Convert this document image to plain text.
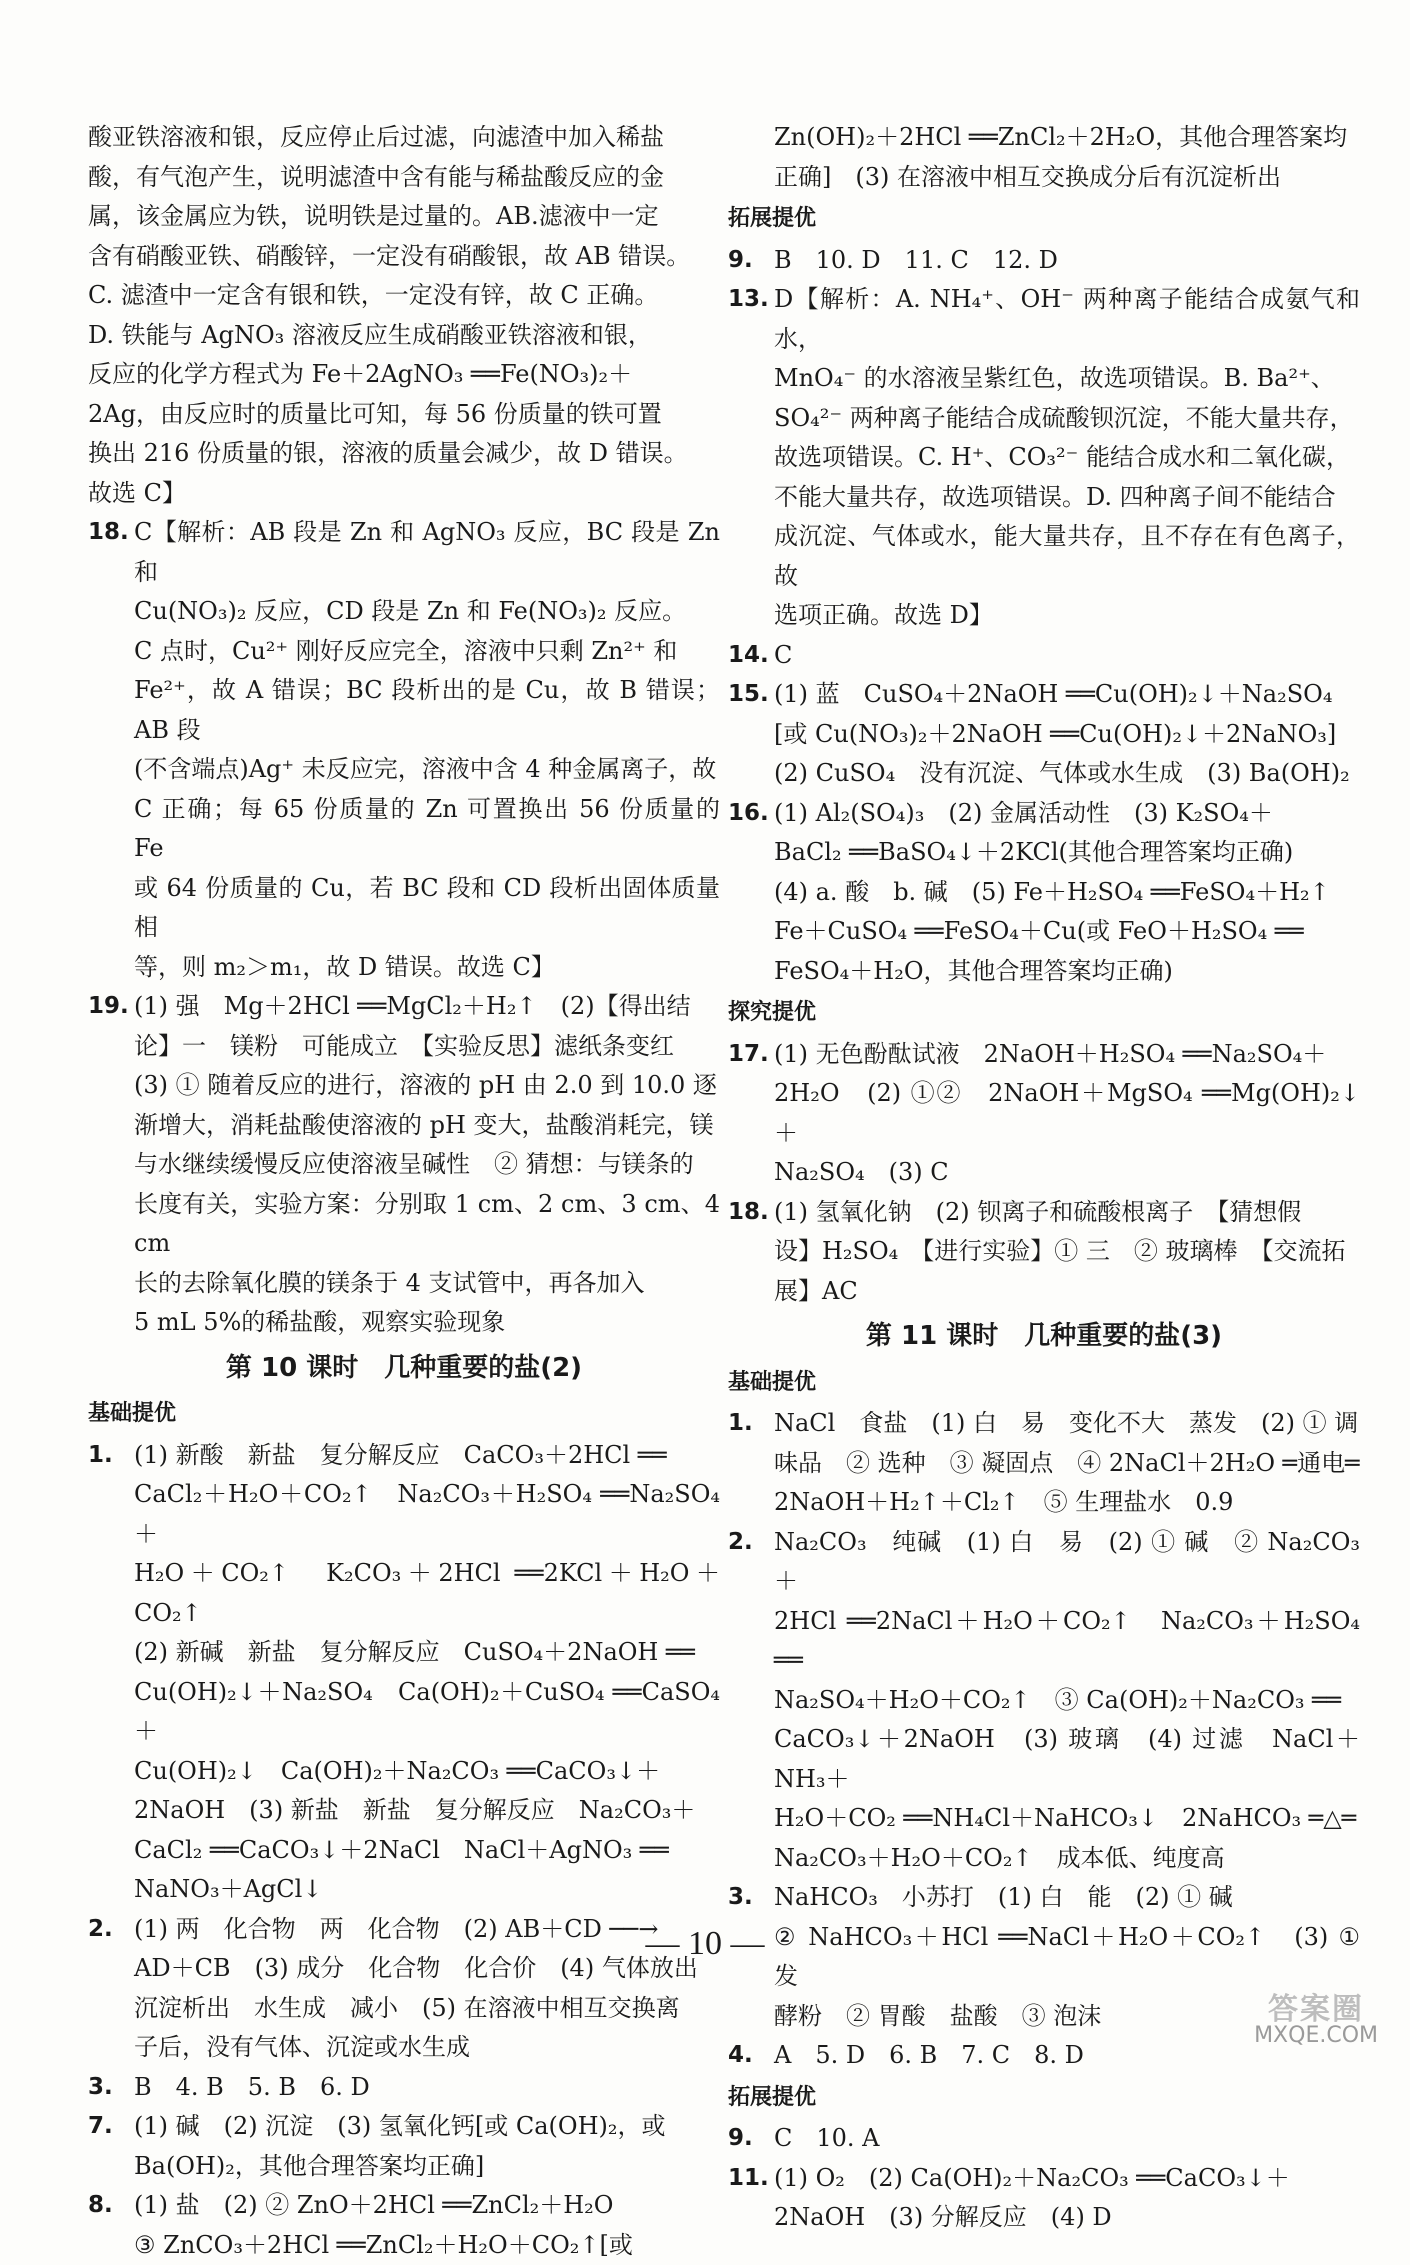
酸亚铁溶液和银，反应停止后过滤，向滤渣中加入稀盐
酸，有气泡产生，说明滤渣中含有能与稀盐酸反应的金
属，该金属应为铁，说明铁是过量的。AB.滤液中一定
含有硝酸亚铁、硝酸锌，一定没有硝酸银，故 AB 错误。
C. 滤渣中一定含有银和铁，一定没有锌，故 C 正确。
D. 铁能与 AgNO₃ 溶液反应生成硝酸亚铁溶液和银，
反应的化学方程式为 Fe＋2AgNO₃ ══Fe(NO₃)₂＋
2Ag，由反应时的质量比可知，每 56 份质量的铁可置
换出 216 份质量的银，溶液的质量会减少，故 D 错误。
故选 C】
18. C【解析：AB 段是 Zn 和 AgNO₃ 反应，BC 段是 Zn 和
Cu(NO₃)₂ 反应，CD 段是 Zn 和 Fe(NO₃)₂ 反应。
C 点时，Cu²⁺ 刚好反应完全，溶液中只剩 Zn²⁺ 和
Fe²⁺，故 A 错误；BC 段析出的是 Cu，故 B 错误；AB 段
(不含端点)Ag⁺ 未反应完，溶液中含 4 种金属离子，故
C 正确；每 65 份质量的 Zn 可置换出 56 份质量的 Fe
或 64 份质量的 Cu，若 BC 段和 CD 段析出固体质量相
等，则 m₂＞m₁，故 D 错误。故选 C】
19. (1) 强　Mg＋2HCl ══MgCl₂＋H₂↑　(2)【得出结
论】一　镁粉　可能成立　【实验反思】滤纸条变红
(3) ① 随着反应的进行，溶液的 pH 由 2.0 到 10.0 逐
渐增大，消耗盐酸使溶液的 pH 变大，盐酸消耗完，镁
与水继续缓慢反应使溶液呈碱性　② 猜想：与镁条的
长度有关，实验方案：分别取 1 cm、2 cm、3 cm、4 cm
长的去除氧化膜的镁条于 4 支试管中，再各加入
5 mL 5%的稀盐酸，观察实验现象
第 10 课时　几种重要的盐(2)
基础提优
1. (1) 新酸　新盐　复分解反应　CaCO₃＋2HCl ══
CaCl₂＋H₂O＋CO₂↑　Na₂CO₃＋H₂SO₄ ══Na₂SO₄＋
H₂O＋CO₂↑　K₂CO₃＋2HCl ══2KCl＋H₂O＋CO₂↑
(2) 新碱　新盐　复分解反应　CuSO₄＋2NaOH ══
Cu(OH)₂↓＋Na₂SO₄　Ca(OH)₂＋CuSO₄ ══CaSO₄＋
Cu(OH)₂↓　Ca(OH)₂＋Na₂CO₃ ══CaCO₃↓＋
2NaOH　(3) 新盐　新盐　复分解反应　Na₂CO₃＋
CaCl₂ ══CaCO₃↓＋2NaCl　NaCl＋AgNO₃ ══
NaNO₃＋AgCl↓
2. (1) 两　化合物　两　化合物　(2) AB＋CD ──→
AD＋CB　(3) 成分　化合物　化合价　(4) 气体放出
沉淀析出　水生成　减小　(5) 在溶液中相互交换离
子后，没有气体、沉淀或水生成
3. B　4. B　5. B　6. D
7. (1) 碱　(2) 沉淀　(3) 氢氧化钙[或 Ca(OH)₂，或
Ba(OH)₂，其他合理答案均正确]
8. (1) 盐　(2) ② ZnO＋2HCl ══ZnCl₂＋H₂O
③ ZnCO₃＋2HCl ══ZnCl₂＋H₂O＋CO₂↑[或
Zn(OH)₂＋2HCl ══ZnCl₂＋2H₂O，其他合理答案均
正确]　(3) 在溶液中相互交换成分后有沉淀析出
拓展提优
9. B　10. D　11. C　12. D
13. D【解析：A. NH₄⁺、OH⁻ 两种离子能结合成氨气和水，
MnO₄⁻ 的水溶液呈紫红色，故选项错误。B. Ba²⁺、
SO₄²⁻ 两种离子能结合成硫酸钡沉淀，不能大量共存，
故选项错误。C. H⁺、CO₃²⁻ 能结合成水和二氧化碳，
不能大量共存，故选项错误。D. 四种离子间不能结合
成沉淀、气体或水，能大量共存，且不存在有色离子，故
选项正确。故选 D】
14. C
15. (1) 蓝　CuSO₄＋2NaOH ══Cu(OH)₂↓＋Na₂SO₄
[或 Cu(NO₃)₂＋2NaOH ══Cu(OH)₂↓＋2NaNO₃]
(2) CuSO₄　没有沉淀、气体或水生成　(3) Ba(OH)₂
16. (1) Al₂(SO₄)₃　(2) 金属活动性　(3) K₂SO₄＋
BaCl₂ ══BaSO₄↓＋2KCl(其他合理答案均正确)
(4) a. 酸　b. 碱　(5) Fe＋H₂SO₄ ══FeSO₄＋H₂↑
Fe＋CuSO₄ ══FeSO₄＋Cu(或 FeO＋H₂SO₄ ══
FeSO₄＋H₂O，其他合理答案均正确)
探究提优
17. (1) 无色酚酞试液　2NaOH＋H₂SO₄ ══Na₂SO₄＋
2H₂O　(2) ①②　2NaOH＋MgSO₄ ══Mg(OH)₂↓＋
Na₂SO₄　(3) C
18. (1) 氢氧化钠　(2) 钡离子和硫酸根离子　【猜想假
设】H₂SO₄　【进行实验】① 三　② 玻璃棒　【交流拓
展】AC
第 11 课时　几种重要的盐(3)
基础提优
1. NaCl　食盐　(1) 白　易　变化不大　蒸发　(2) ① 调
味品　② 选种　③ 凝固点　④ 2NaCl＋2H₂O ═通电═
2NaOH＋H₂↑＋Cl₂↑　⑤ 生理盐水　0.9
2. Na₂CO₃　纯碱　(1) 白　易　(2) ① 碱　② Na₂CO₃＋
2HCl ══2NaCl＋H₂O＋CO₂↑　Na₂CO₃＋H₂SO₄ ══
Na₂SO₄＋H₂O＋CO₂↑　③ Ca(OH)₂＋Na₂CO₃ ══
CaCO₃↓＋2NaOH　(3) 玻璃　(4) 过滤　NaCl＋NH₃＋
H₂O＋CO₂ ══NH₄Cl＋NaHCO₃↓　2NaHCO₃ ═△═
Na₂CO₃＋H₂O＋CO₂↑　成本低、纯度高
3. NaHCO₃　小苏打　(1) 白　能　(2) ① 碱
② NaHCO₃＋HCl ══NaCl＋H₂O＋CO₂↑　(3) ① 发
酵粉　② 胃酸　盐酸　③ 泡沫
4. A　5. D　6. B　7. C　8. D
拓展提优
9. C　10. A
11. (1) O₂　(2) Ca(OH)₂＋Na₂CO₃ ══CaCO₃↓＋
2NaOH　(3) 分解反应　(4) D
— 10 —
答案圈
MXQE.COM
